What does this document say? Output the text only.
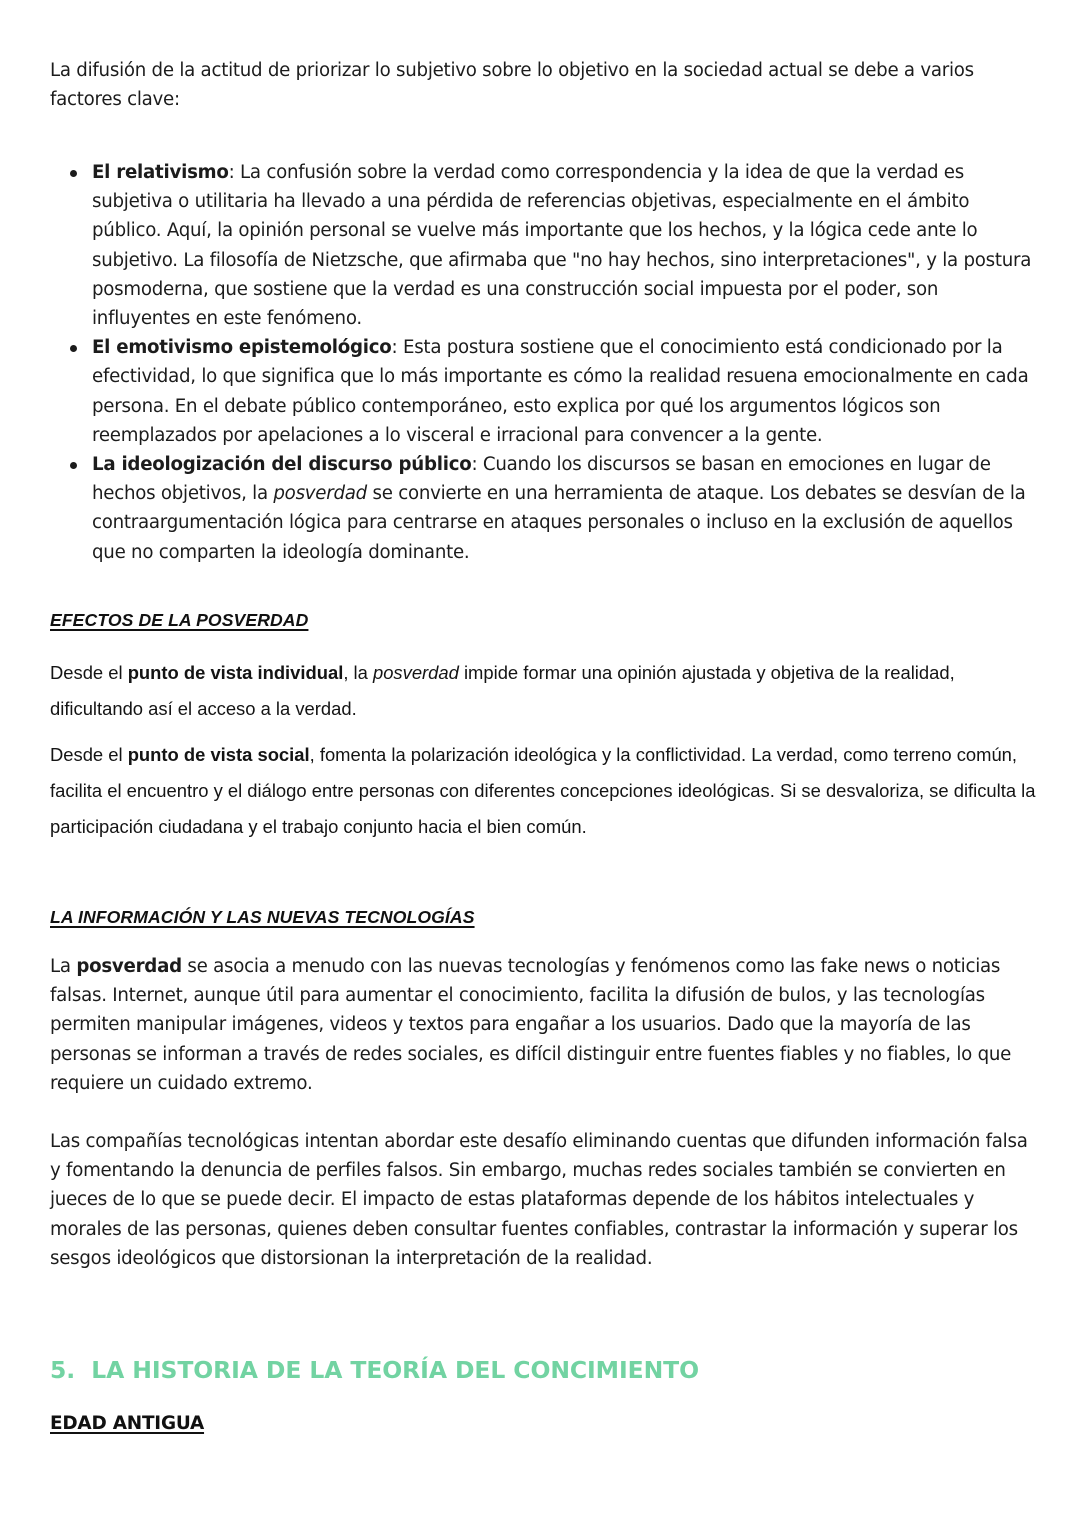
La difusión de la actitud de priorizar lo subjetivo sobre lo objetivo en la sociedad actual se debe a varios factores clave:

El relativismo: La confusión sobre la verdad como correspondencia y la idea de que la verdad es subjetiva o utilitaria ha llevado a una pérdida de referencias objetivas, especialmente en el ámbito público. Aquí, la opinión personal se vuelve más importante que los hechos, y la lógica cede ante lo subjetivo. La filosofía de Nietzsche, que afirmaba que "no hay hechos, sino interpretaciones", y la postura posmoderna, que sostiene que la verdad es una construcción social impuesta por el poder, son influyentes en este fenómeno.
El emotivismo epistemológico: Esta postura sostiene que el conocimiento está condicionado por la efectividad, lo que significa que lo más importante es cómo la realidad resuena emocionalmente en cada persona. En el debate público contemporáneo, esto explica por qué los argumentos lógicos son reemplazados por apelaciones a lo visceral e irracional para convencer a la gente.
La ideologización del discurso público: Cuando los discursos se basan en emociones en lugar de hechos objetivos, la posverdad se convierte en una herramienta de ataque. Los debates se desvían de la contraargumentación lógica para centrarse en ataques personales o incluso en la exclusión de aquellos que no comparten la ideología dominante.
EFECTOS DE LA POSVERDAD

Desde el punto de vista individual, la posverdad impide formar una opinión ajustada y objetiva de la realidad, dificultando así el acceso a la verdad.

Desde el punto de vista social, fomenta la polarización ideológica y la conflictividad. La verdad, como terreno común, facilita el encuentro y el diálogo entre personas con diferentes concepciones ideológicas. Si se desvaloriza, se dificulta la participación ciudadana y el trabajo conjunto hacia el bien común.

LA INFORMACIÓN Y LAS NUEVAS TECNOLOGÍAS

La posverdad se asocia a menudo con las nuevas tecnologías y fenómenos como las fake news o noticias falsas. Internet, aunque útil para aumentar el conocimiento, facilita la difusión de bulos, y las tecnologías permiten manipular imágenes, videos y textos para engañar a los usuarios. Dado que la mayoría de las personas se informan a través de redes sociales, es difícil distinguir entre fuentes fiables y no fiables, lo que requiere un cuidado extremo.

Las compañías tecnológicas intentan abordar este desafío eliminando cuentas que difunden información falsa y fomentando la denuncia de perfiles falsos. Sin embargo, muchas redes sociales también se convierten en jueces de lo que se puede decir. El impacto de estas plataformas depende de los hábitos intelectuales y morales de las personas, quienes deben consultar fuentes confiables, contrastar la información y superar los sesgos ideológicos que distorsionan la interpretación de la realidad.

5.  LA HISTORIA DE LA TEORÍA DEL CONCIMIENTO
EDAD ANTIGUA
